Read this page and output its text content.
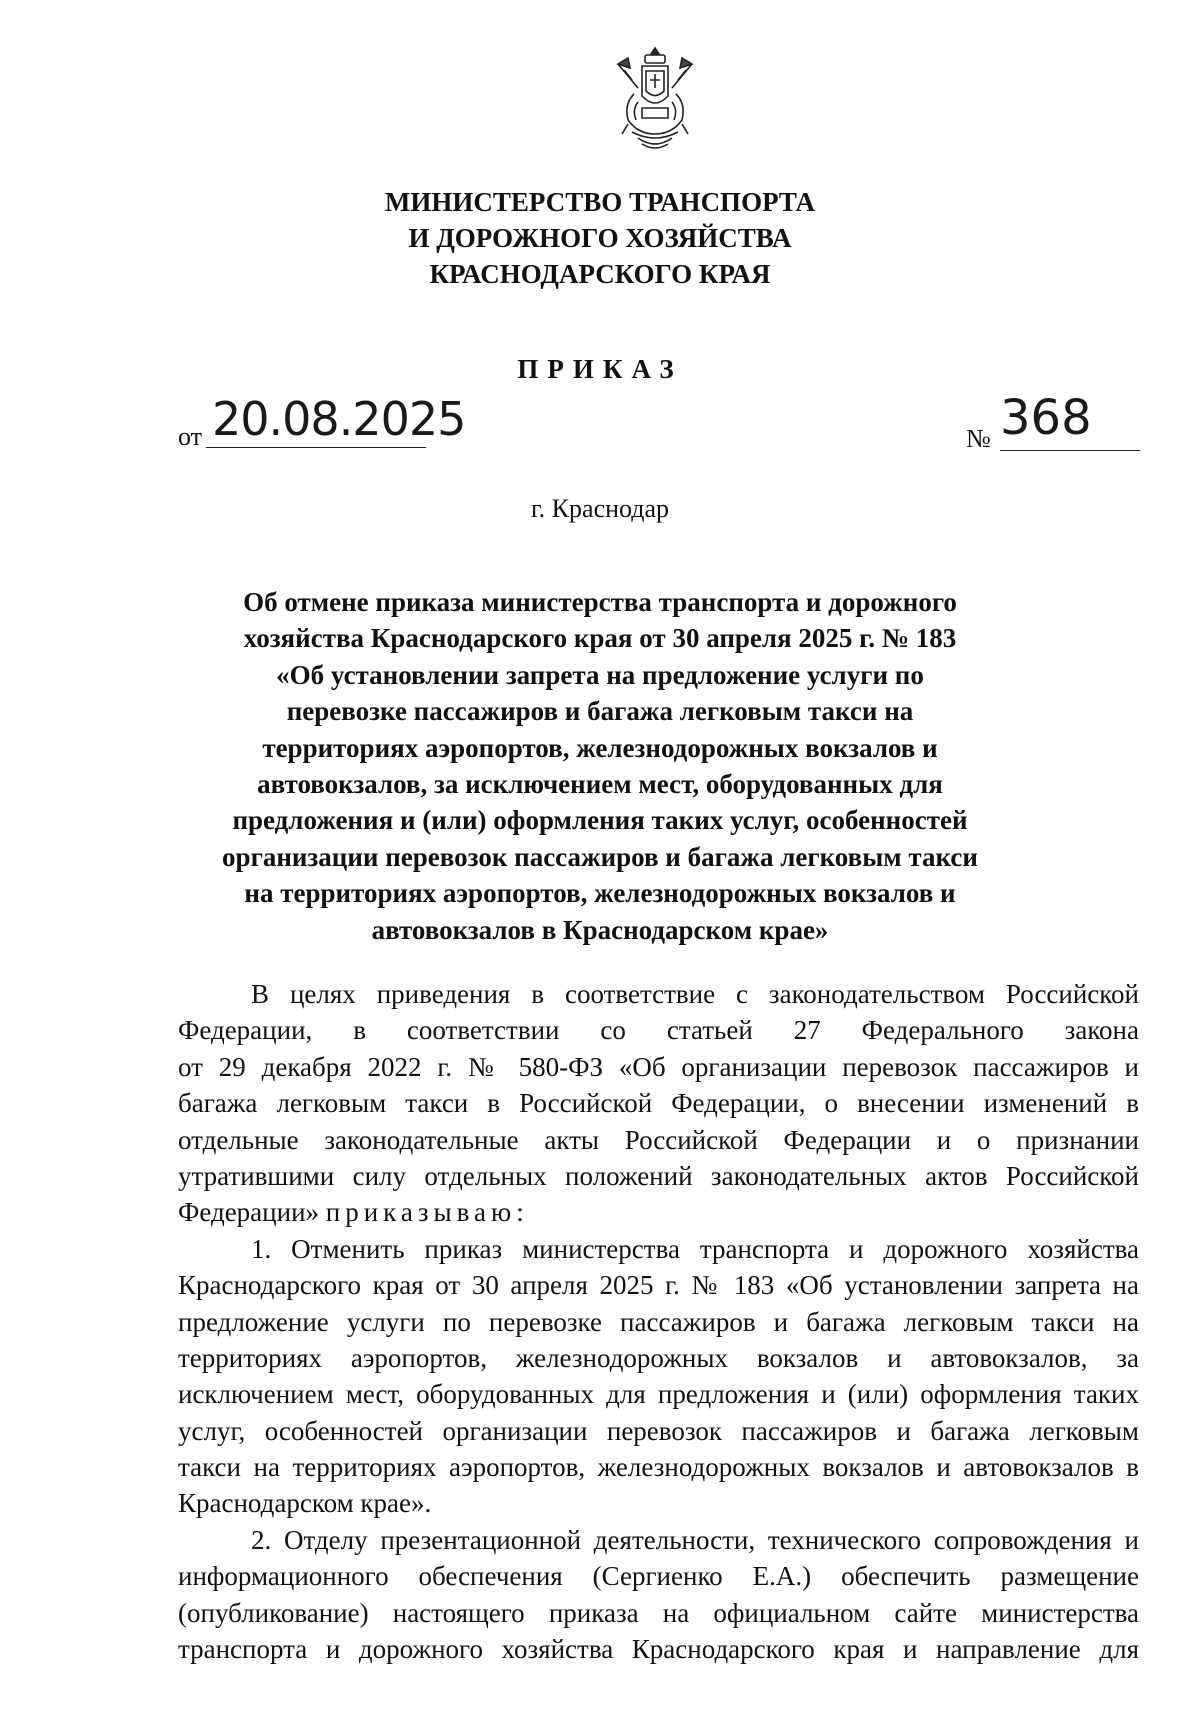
МИНИСТЕРСТВО ТРАНСПОРТА
И ДОРОЖНОГО ХОЗЯЙСТВА
КРАСНОДАРСКОГО КРАЯ
ПРИКАЗ
от 20.08.2025	№ 368
г. Краснодар
Об отмене приказа министерства транспорта и дорожного
хозяйства Краснодарского края от 30 апреля 2025 г. № 183
«Об установлении запрета на предложение услуги по
перевозке пассажиров и багажа легковым такси на
территориях аэропортов, железнодорожных вокзалов и
автовокзалов, за исключением мест, оборудованных для
предложения и (или) оформления таких услуг, особенностей
организации перевозок пассажиров и багажа легковым такси
на территориях аэропортов, железнодорожных вокзалов и
автовокзалов в Краснодарском крае»
В целях приведения в соответствие с законодательством Российской
Федерации, в соответствии со статьей 27 Федерального закона
от 29 декабря 2022 г. № 580-ФЗ «Об организации перевозок пассажиров и
багажа легковым такси в Российской Федерации, о внесении изменений в
отдельные законодательные акты Российской Федерации и о признании
утратившими силу отдельных положений законодательных актов Российской
Федерации» приказываю:
1. Отменить приказ министерства транспорта и дорожного хозяйства
Краснодарского края от 30 апреля 2025 г. № 183 «Об установлении запрета на
предложение услуги по перевозке пассажиров и багажа легковым такси на
территориях аэропортов, железнодорожных вокзалов и автовокзалов, за
исключением мест, оборудованных для предложения и (или) оформления таких
услуг, особенностей организации перевозок пассажиров и багажа легковым
такси на территориях аэропортов, железнодорожных вокзалов и автовокзалов в
Краснодарском крае».
2. Отделу презентационной деятельности, технического сопровождения и
информационного обеспечения (Сергиенко Е.А.) обеспечить размещение
(опубликование) настоящего приказа на официальном сайте министерства
транспорта и дорожного хозяйства Краснодарского края и направление для
